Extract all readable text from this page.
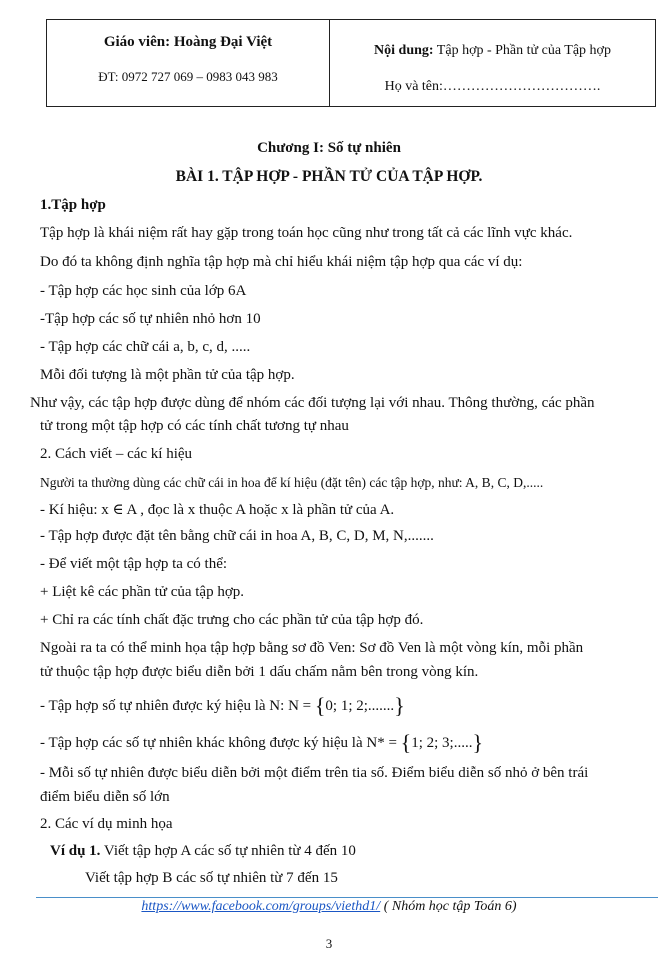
Giáo viên: Hoàng Đại Việt
ĐT: 0972 727 069 – 0983 043 983
Nội dung: Tập hợp - Phần tử của Tập hợp
Họ và tên:…………………………….
Chương I: Số tự nhiên
BÀI 1. TẬP HỢP - PHẦN TỬ CỦA TẬP HỢP.
1.Tập hợp
Tập hợp là khái niệm rất hay gặp trong toán học cũng như trong tất cả các lĩnh vực khác.
Do đó ta không định nghĩa tập hợp mà chỉ hiểu khái niệm tập hợp qua các ví dụ:
- Tập hợp các học sinh của lớp 6A
-Tập hợp các số tự nhiên nhỏ hơn 10
- Tập hợp các chữ cái a, b, c, d, .....
Mỗi đối tượng là một phần tử của tập hợp.
Như vậy, các tập hợp được dùng để nhóm các đối tượng lại với nhau. Thông thường, các phần
tử trong một tập hợp có các tính chất tương tự nhau
2. Cách viết – các kí hiệu
Người ta thường dùng các chữ cái in hoa để kí hiệu (đặt tên) các tập hợp, như: A, B, C, D,.....
- Kí hiệu: x ∈ A , đọc là x thuộc A hoặc x là phần tử của A.
- Tập hợp được đặt tên bằng chữ cái in hoa A, B, C, D, M, N,.......
- Để viết một tập hợp ta có thể:
+ Liệt kê các phần tử của tập hợp.
+ Chỉ ra các tính chất đặc trưng cho các phần tử của tập hợp đó.
Ngoài ra ta có thể minh họa tập hợp bằng sơ đồ Ven: Sơ đồ Ven là một vòng kín, mỗi phần
tử thuộc tập hợp được biểu diễn bởi 1 dấu chấm nằm bên trong vòng kín.
- Tập hợp số tự nhiên được ký hiệu là N: N = {0; 1; 2;.......}
- Tập hợp các số tự nhiên khác không được ký hiệu là N* = {1; 2; 3;.....}
- Mỗi số tự nhiên được biểu diễn bởi một điểm trên tia số. Điểm biểu diễn số nhỏ ở bên trái
điểm biểu diễn số lớn
2. Các ví dụ minh họa
Ví dụ 1. Viết tập hợp A các số tự nhiên từ 4 đến 10
Viết tập hợp B các số tự nhiên từ 7 đến 15
https://www.facebook.com/groups/viethd1/ ( Nhóm học tập Toán 6)
3
